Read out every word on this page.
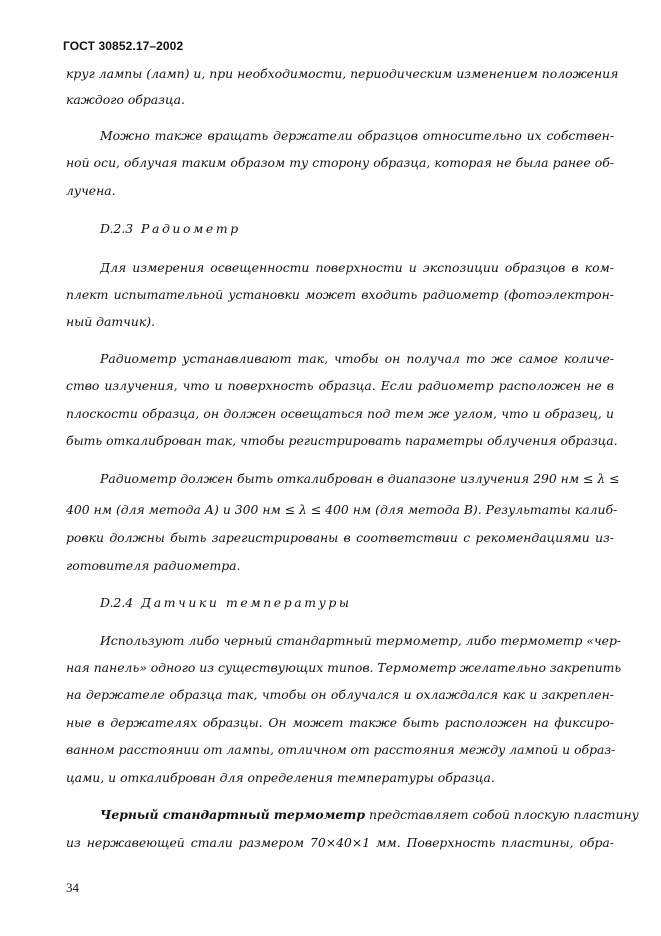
ГОСТ 30852.17–2002
круг лампы (ламп) и, при необходимости, периодическим изменением положения
каждого образца.
Можно также вращать держатели образцов относительно их собствен-
ной оси, облучая таким образом ту сторону образца, которая не была ранее об-
лучена.
D.2.3 Радиометр
Для измерения освещенности поверхности и экспозиции образцов в ком-
плект испытательной установки может входить радиометр (фотоэлектрон-
ный датчик).
Радиометр устанавливают так, чтобы он получал то же самое количе-
ство излучения, что и поверхность образца. Если радиометр расположен не в
плоскости образца, он должен освещаться под тем же углом, что и образец, и
быть откалиброван так, чтобы регистрировать параметры облучения образца.
Радиометр должен быть откалиброван в диапазоне излучения 290 нм ≤ λ ≤
400 нм (для метода А) и 300 нм ≤ λ ≤ 400 нм (для метода В). Результаты калиб-
ровки должны быть зарегистрированы в соответствии с рекомендациями из-
готовителя радиометра.
D.2.4 Датчики температуры
Используют либо черный стандартный термометр, либо термометр «чер-
ная панель» одного из существующих типов. Термометр желательно закрепить
на держателе образца так, чтобы он облучался и охлаждался как и закреплен-
ные в держателях образцы. Он может также быть расположен на фиксиро-
ванном расстоянии от лампы, отличном от расстояния между лампой и образ-
цами, и откалиброван для определения температуры образца.
Черный стандартный термометр представляет собой плоскую пластину
из нержавеющей стали размером 70×40×1 мм. Поверхность пластины, обра-
34
